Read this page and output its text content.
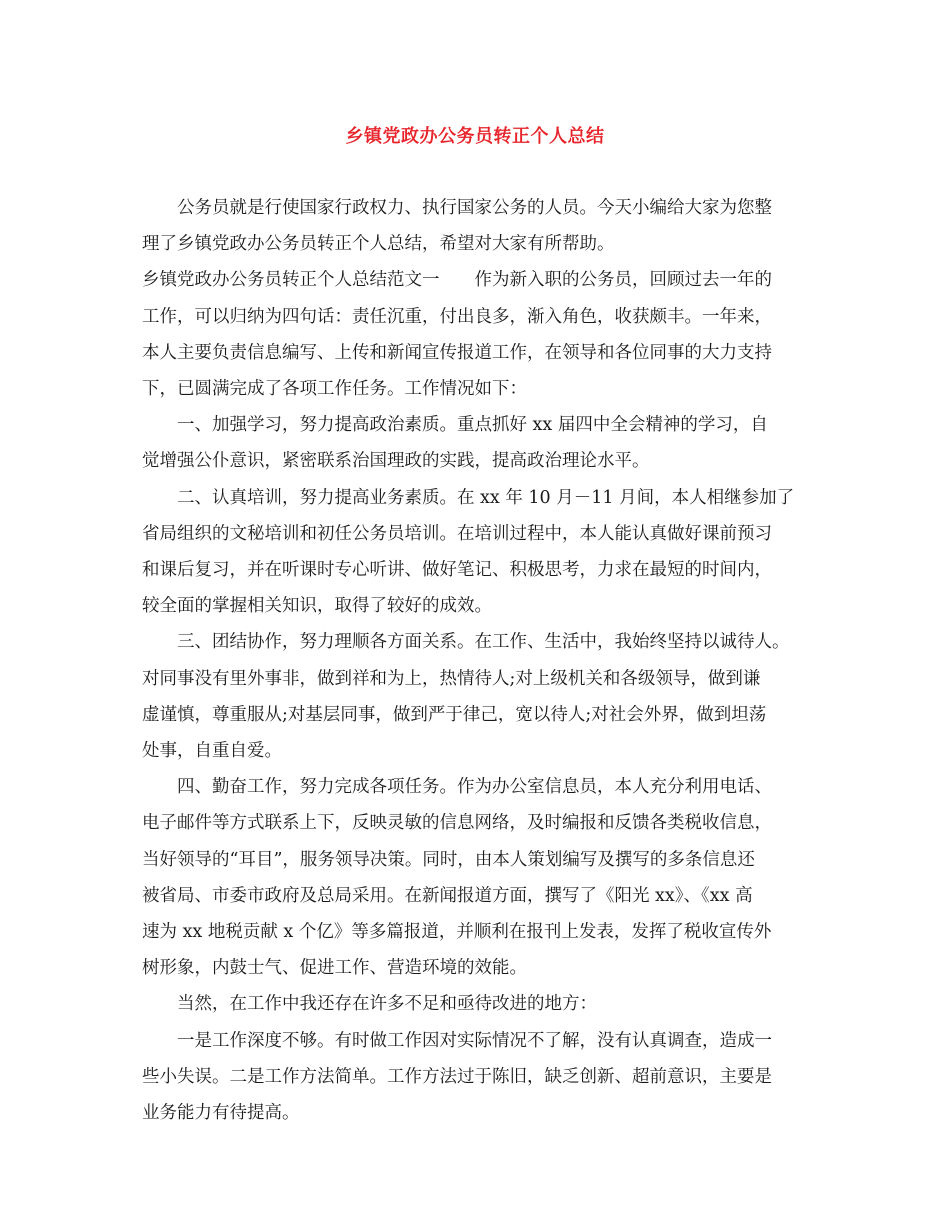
乡镇党政办公务员转正个人总结
　　公务员就是行使国家行政权力、执行国家公务的人员。今天小编给大家为您整
理了乡镇党政办公务员转正个人总结，希望对大家有所帮助。
乡镇党政办公务员转正个人总结范文一　　作为新入职的公务员，回顾过去一年的
工作，可以归纳为四句话：责任沉重，付出良多，渐入角色，收获颇丰。一年来，
本人主要负责信息编写、上传和新闻宣传报道工作，在领导和各位同事的大力支持
下，已圆满完成了各项工作任务。工作情况如下：
　　一、加强学习，努力提高政治素质。重点抓好 xx 届四中全会精神的学习，自
觉增强公仆意识，紧密联系治国理政的实践，提高政治理论水平。
　　二、认真培训，努力提高业务素质。在 xx 年 10 月－11 月间，本人相继参加了
省局组织的文秘培训和初任公务员培训。在培训过程中，本人能认真做好课前预习
和课后复习，并在听课时专心听讲、做好笔记、积极思考，力求在最短的时间内，
较全面的掌握相关知识，取得了较好的成效。
　　三、团结协作，努力理顺各方面关系。在工作、生活中，我始终坚持以诚待人。
对同事没有里外事非，做到祥和为上，热情待人;对上级机关和各级领导，做到谦
虚谨慎，尊重服从;对基层同事，做到严于律己，宽以待人;对社会外界，做到坦荡
处事，自重自爱。
　　四、勤奋工作，努力完成各项任务。作为办公室信息员，本人充分利用电话、
电子邮件等方式联系上下，反映灵敏的信息网络，及时编报和反馈各类税收信息，
当好领导的“耳目”，服务领导决策。同时，由本人策划编写及撰写的多条信息还
被省局、市委市政府及总局采用。在新闻报道方面，撰写了《阳光 xx》、《xx 高
速为 xx 地税贡献 x 个亿》等多篇报道，并顺利在报刊上发表，发挥了税收宣传外
树形象，内鼓士气、促进工作、营造环境的效能。
　　当然，在工作中我还存在许多不足和亟待改进的地方：
　　一是工作深度不够。有时做工作因对实际情况不了解，没有认真调查，造成一
些小失误。二是工作方法简单。工作方法过于陈旧，缺乏创新、超前意识，主要是
业务能力有待提高。
